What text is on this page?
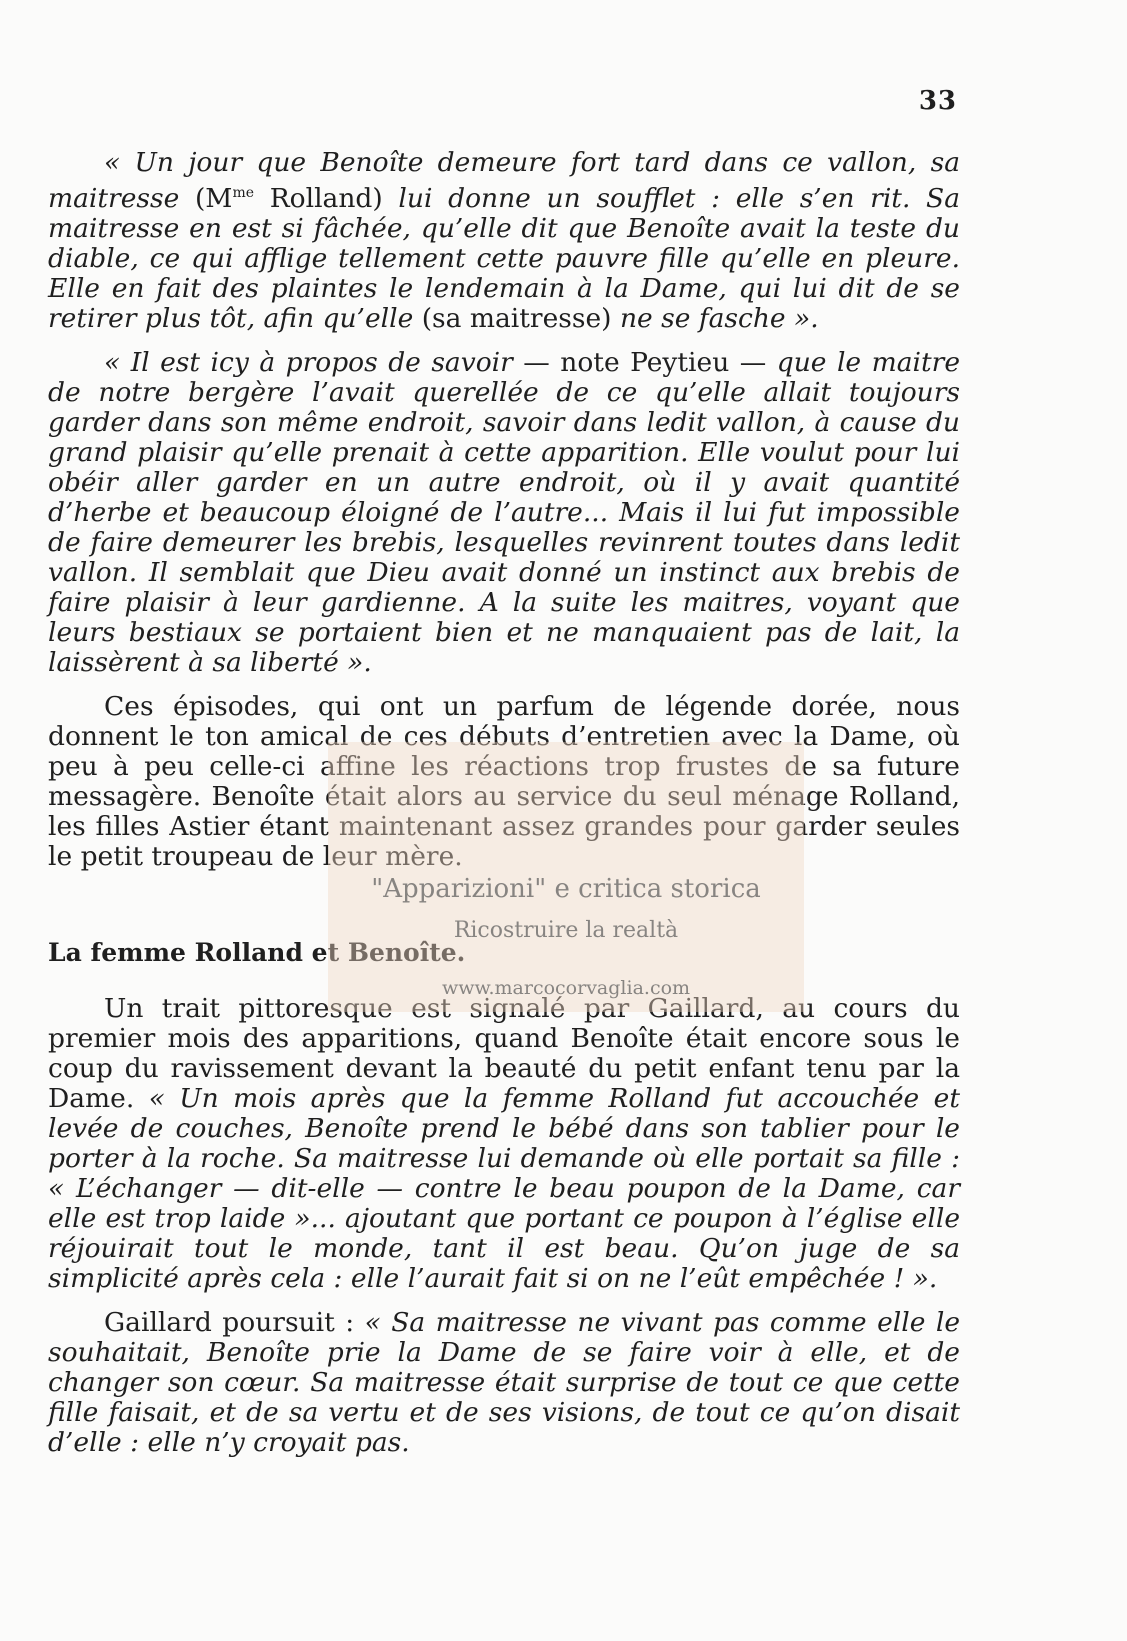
33

« Un jour que Benoîte demeure fort tard dans ce vallon, sa maitresse ($M^{me}$ Rolland) lui donne un soufflet : elle s’en rit. Sa maitresse en est si fâchée, qu’elle dit que Benoîte avait la teste du diable, ce qui afflige tellement cette pauvre fille qu’elle en pleure. Elle en fait des plaintes le lendemain à la Dame, qui lui dit de se retirer plus tôt, afin qu’elle (sa maitresse) ne se fasche ».

« Il est icy à propos de savoir — note Peytieu — que le maitre de notre bergère l’avait querellée de ce qu’elle allait toujours garder dans son même endroit, savoir dans ledit vallon, à cause du grand plaisir qu’elle prenait à cette apparition. Elle voulut pour lui obéir aller garder en un autre endroit, où il y avait quantité d’herbe et beaucoup éloigné de l’autre... Mais il lui fut impossible de faire demeurer les brebis, lesquelles revinrent toutes dans ledit vallon. Il semblait que Dieu avait donné un instinct aux brebis de faire plaisir à leur gardienne. A la suite les maitres, voyant que leurs bestiaux se portaient bien et ne manquaient pas de lait, la laissèrent à sa liberté ».

Ces épisodes, qui ont un parfum de légende dorée, nous donnent le ton amical de ces débuts d’entretien avec la Dame, où peu à peu celle-ci affine les réactions trop frustes de sa future messagère. Benoîte était alors au service du seul ménage Rolland, les filles Astier étant maintenant assez grandes pour garder seules le petit troupeau de leur mère.

La femme Rolland et Benoîte.

Un trait pittoresque est signalé par Gaillard, au cours du premier mois des apparitions, quand Benoîte était encore sous le coup du ravissement devant la beauté du petit enfant tenu par la Dame. « Un mois après que la femme Rolland fut accouchée et levée de couches, Benoîte prend le bébé dans son tablier pour le porter à la roche. Sa maitresse lui demande où elle portait sa fille : « L’échanger — dit-elle — contre le beau poupon de la Dame, car elle est trop laide »... ajoutant que portant ce poupon à l’église elle réjouirait tout le monde, tant il est beau. Qu’on juge de sa simplicité après cela : elle l’aurait fait si on ne l’eût empêchée ! ».

Gaillard poursuit : « Sa maitresse ne vivant pas comme elle le souhaitait, Benoîte prie la Dame de se faire voir à elle, et de changer son cœur. Sa maitresse était surprise de tout ce que cette fille faisait, et de sa vertu et de ses visions, de tout ce qu’on disait d’elle : elle n’y croyait pas.

"Apparizioni" e critica storica
Ricostruire la realtà
www.marcocorvaglia.com
